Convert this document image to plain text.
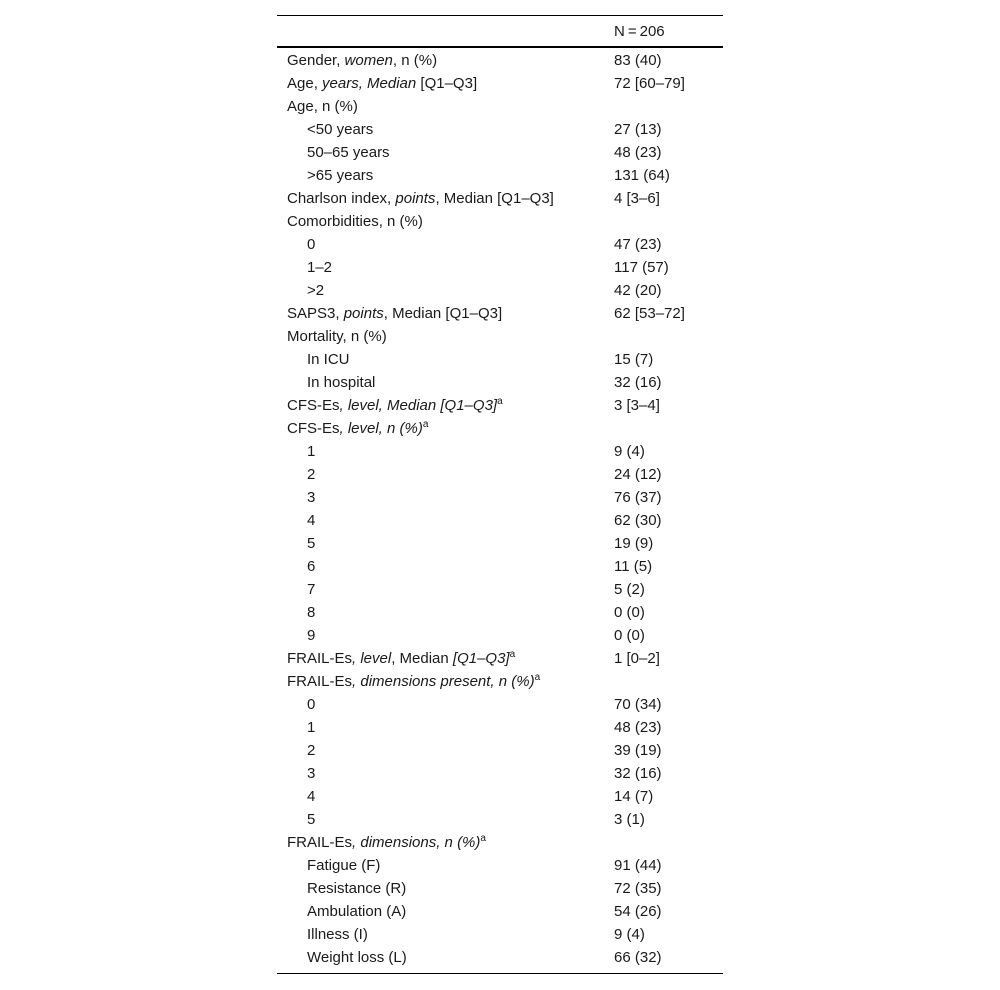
N = 206
Gender, women, n (%)	83 (40)
Age, years, Median [Q1–Q3]	72 [60–79]
Age, n (%)
<50 years	27 (13)
50–65 years	48 (23)
>65 years	131 (64)
Charlson index, points, Median [Q1–Q3]	4 [3–6]
Comorbidities, n (%)
0	47 (23)
1–2	117 (57)
>2	42 (20)
SAPS3, points, Median [Q1–Q3]	62 [53–72]
Mortality, n (%)
In ICU	15 (7)
In hospital	32 (16)
CFS-Es, level, Median $[Q1-Q3]^a$	3 [3–4]
CFS-Es, level, n (%)$^a$
1	9 (4)
2	24 (12)
3	76 (37)
4	62 (30)
5	19 (9)
6	11 (5)
7	5 (2)
8	0 (0)
9	0 (0)
FRAIL-Es, level, Median $[Q1-Q3]^a$	1 [0–2]
FRAIL-Es, dimensions present, n (%)$^a$
0	70 (34)
1	48 (23)
2	39 (19)
3	32 (16)
4	14 (7)
5	3 (1)
FRAIL-Es, dimensions, n (%)$^a$
Fatigue (F)	91 (44)
Resistance (R)	72 (35)
Ambulation (A)	54 (26)
Illness (I)	9 (4)
Weight loss (L)	66 (32)
